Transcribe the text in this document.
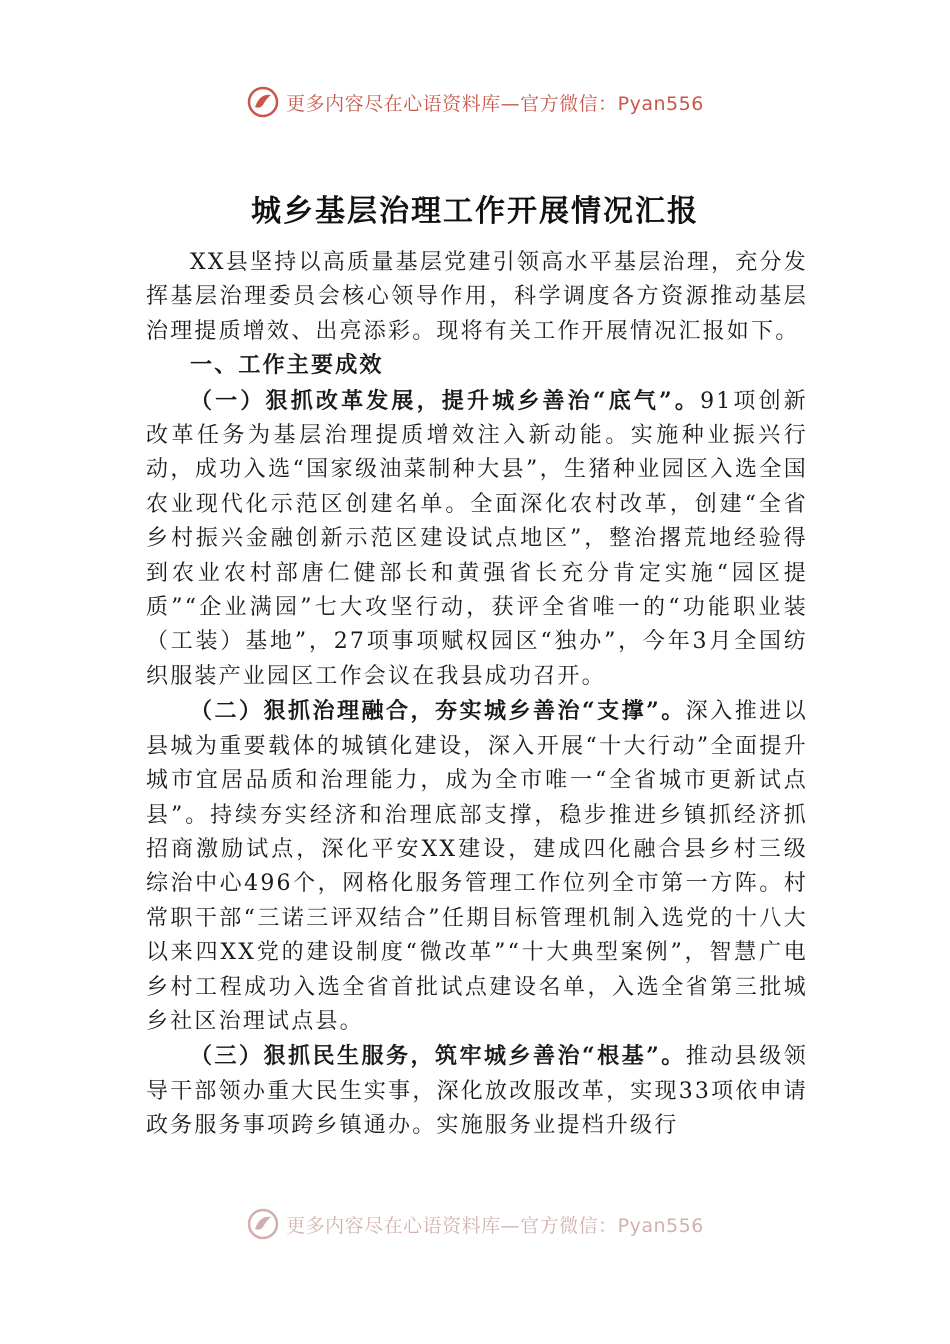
更多内容尽在心语资料库—官方微信：Pyan556
城乡基层治理工作开展情况汇报

XX县坚持以高质量基层党建引领高水平基层治理，充分发挥基层治理委员会核心领导作用，科学调度各方资源推动基层治理提质增效、出亮添彩。现将有关工作开展情况汇报如下。

一、工作主要成效

（一）狠抓改革发展，提升城乡善治“底气”。91项创新改革任务为基层治理提质增效注入新动能。实施种业振兴行动，成功入选“国家级油菜制种大县”，生猪种业园区入选全国农业现代化示范区创建名单。全面深化农村改革，创建“全省乡村振兴金融创新示范区建设试点地区”，整治撂荒地经验得到农业农村部唐仁健部长和黄强省长充分肯定实施“园区提质”“企业满园”七大攻坚行动，获评全省唯一的“功能职业装（工装）基地”，27项事项赋权园区“独办”，今年3月全国纺织服装产业园区工作会议在我县成功召开。

（二）狠抓治理融合，夯实城乡善治“支撑”。深入推进以县城为重要载体的城镇化建设，深入开展“十大行动”全面提升城市宜居品质和治理能力，成为全市唯一“全省城市更新试点县”。持续夯实经济和治理底部支撑，稳步推进乡镇抓经济抓招商激励试点，深化平安XX建设，建成四化融合县乡村三级综治中心496个，网格化服务管理工作位列全市第一方阵。村常职干部“三诺三评双结合”任期目标管理机制入选党的十八大以来四XX党的建设制度“微改革”“十大典型案例”，智慧广电乡村工程成功入选全省首批试点建设名单，入选全省第三批城乡社区治理试点县。

（三）狠抓民生服务，筑牢城乡善治“根基”。推动县级领导干部领办重大民生实事，深化放改服改革，实现33项依申请政务服务事项跨乡镇通办。实施服务业提档升级行

更多内容尽在心语资料库—官方微信：Pyan556
